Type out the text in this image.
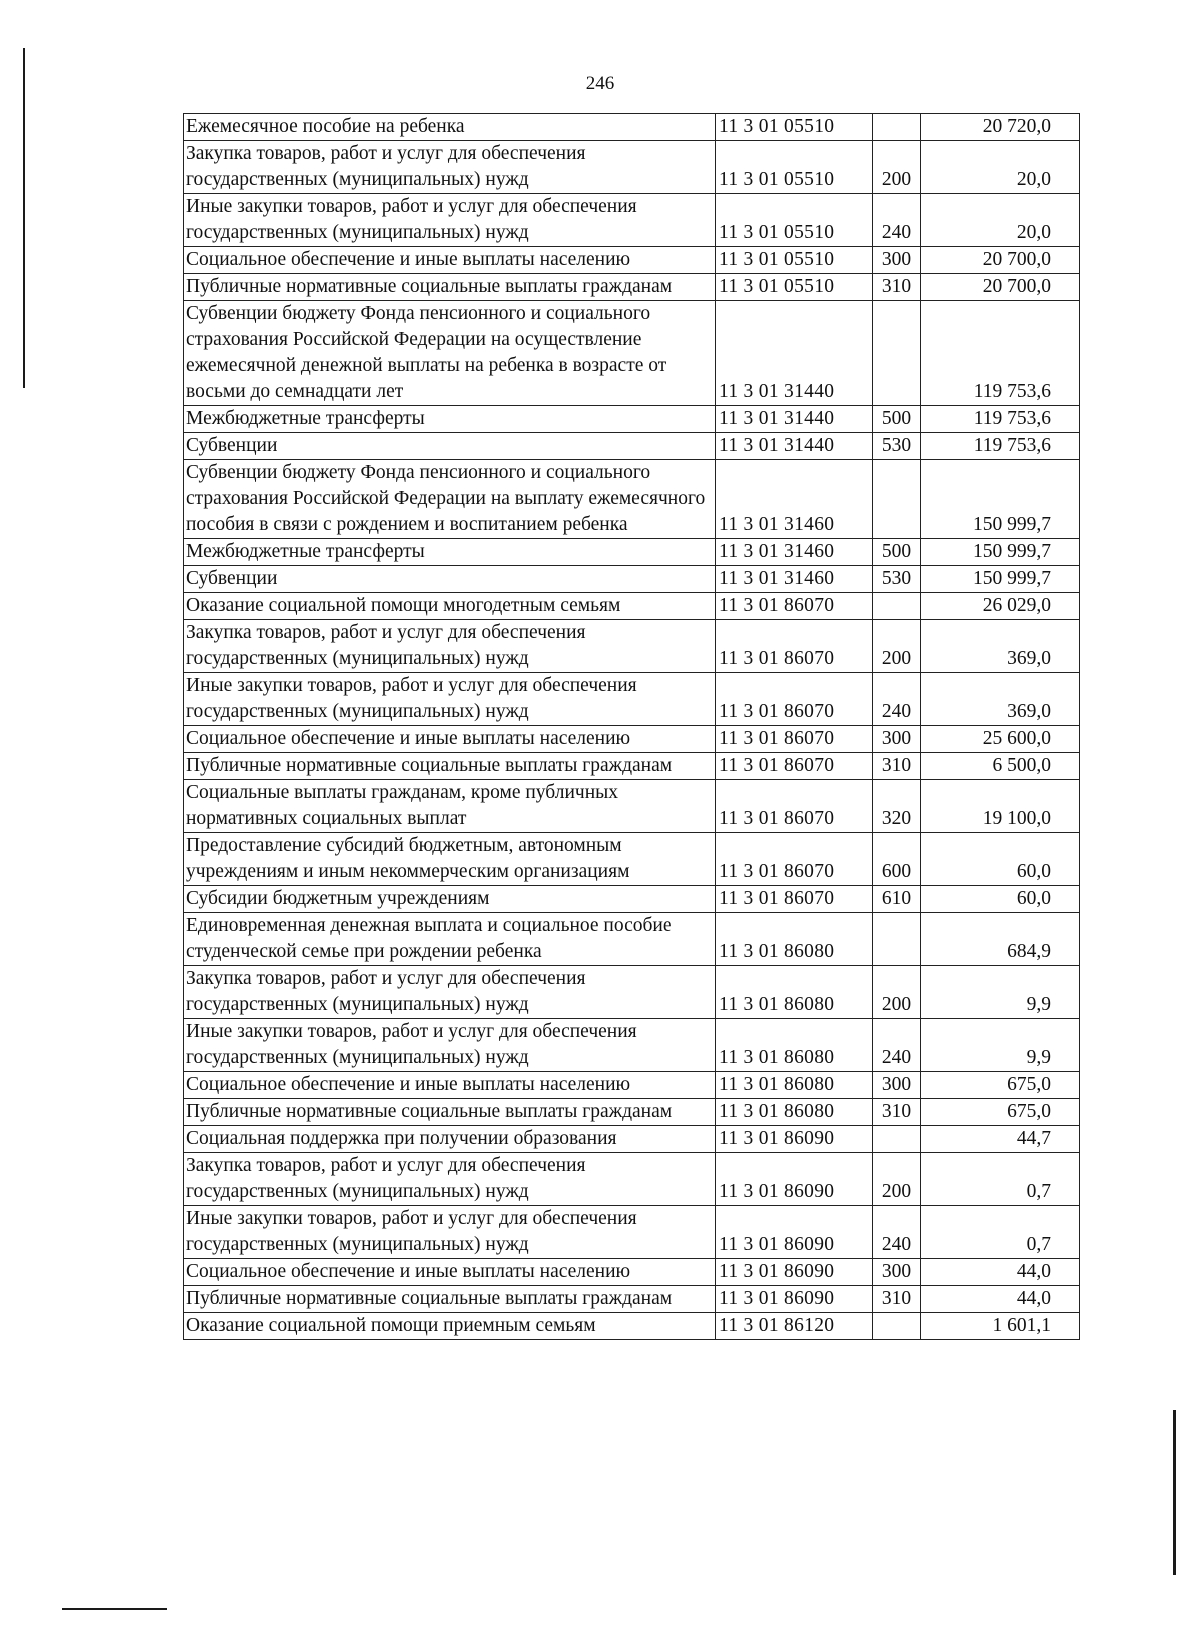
246
Ежемесячное пособие на ребенка	11 3 01 05510		20 720,0
Закупка товаров, работ и услуг для обеспечения государственных (муниципальных) нужд	11 3 01 05510	200	20,0
Иные закупки товаров, работ и услуг для обеспечения государственных (муниципальных) нужд	11 3 01 05510	240	20,0
Социальное обеспечение и иные выплаты населению	11 3 01 05510	300	20 700,0
Публичные нормативные социальные выплаты гражданам	11 3 01 05510	310	20 700,0
Субвенции бюджету Фонда пенсионного и социального страхования Российской Федерации на осуществление ежемесячной денежной выплаты на ребенка в возрасте от восьми до семнадцати лет	11 3 01 31440		119 753,6
Межбюджетные трансферты	11 3 01 31440	500	119 753,6
Субвенции	11 3 01 31440	530	119 753,6
Субвенции бюджету Фонда пенсионного и социального страхования Российской Федерации на выплату ежемесячного пособия в связи с рождением и воспитанием ребенка	11 3 01 31460		150 999,7
Межбюджетные трансферты	11 3 01 31460	500	150 999,7
Субвенции	11 3 01 31460	530	150 999,7
Оказание социальной помощи многодетным семьям	11 3 01 86070		26 029,0
Закупка товаров, работ и услуг для обеспечения государственных (муниципальных) нужд	11 3 01 86070	200	369,0
Иные закупки товаров, работ и услуг для обеспечения государственных (муниципальных) нужд	11 3 01 86070	240	369,0
Социальное обеспечение и иные выплаты населению	11 3 01 86070	300	25 600,0
Публичные нормативные социальные выплаты гражданам	11 3 01 86070	310	6 500,0
Социальные выплаты гражданам, кроме публичных нормативных социальных выплат	11 3 01 86070	320	19 100,0
Предоставление субсидий бюджетным, автономным учреждениям и иным некоммерческим организациям	11 3 01 86070	600	60,0
Субсидии бюджетным учреждениям	11 3 01 86070	610	60,0
Единовременная денежная выплата и социальное пособие студенческой семье при рождении ребенка	11 3 01 86080		684,9
Закупка товаров, работ и услуг для обеспечения государственных (муниципальных) нужд	11 3 01 86080	200	9,9
Иные закупки товаров, работ и услуг для обеспечения государственных (муниципальных) нужд	11 3 01 86080	240	9,9
Социальное обеспечение и иные выплаты населению	11 3 01 86080	300	675,0
Публичные нормативные социальные выплаты гражданам	11 3 01 86080	310	675,0
Социальная поддержка при получении образования	11 3 01 86090		44,7
Закупка товаров, работ и услуг для обеспечения государственных (муниципальных) нужд	11 3 01 86090	200	0,7
Иные закупки товаров, работ и услуг для обеспечения государственных (муниципальных) нужд	11 3 01 86090	240	0,7
Социальное обеспечение и иные выплаты населению	11 3 01 86090	300	44,0
Публичные нормативные социальные выплаты гражданам	11 3 01 86090	310	44,0
Оказание социальной помощи приемным семьям	11 3 01 86120		1 601,1
